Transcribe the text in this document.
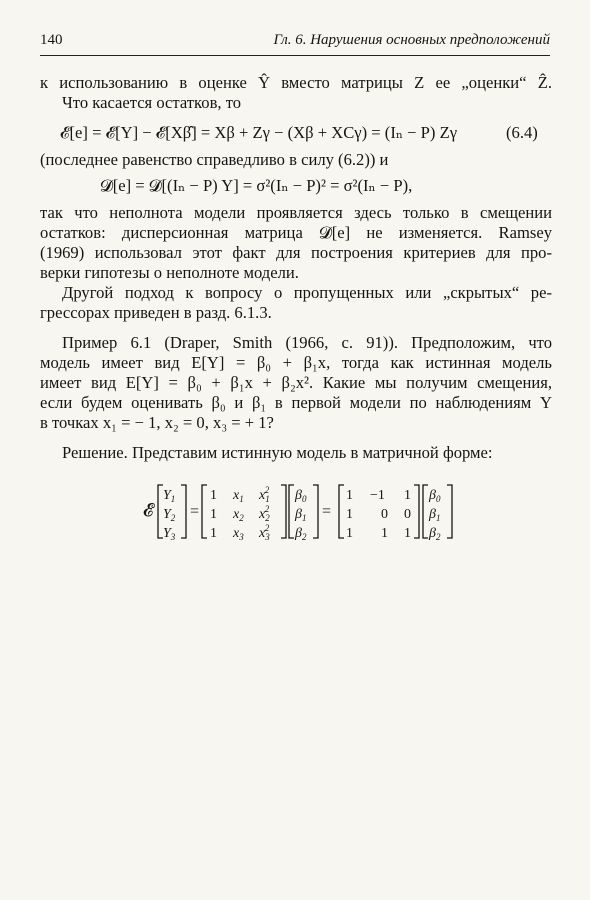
140	Гл. 6. Нарушения основных предположений
к использованию в оценке Ŷ вместо матрицы Z ее „оценки“ Ẑ.
Что касается остатков, то
𝓔[e] = 𝓔[Y] − 𝓔[Xβ̂] = Xβ + Zγ − (Xβ + XCγ) = (Iₙ − P) Zγ	(6.4)
(последнее равенство справедливо в силу (6.2)) и
𝓓[e] = 𝓓[(Iₙ − P) Y] = σ²(Iₙ − P)² = σ²(Iₙ − P),
так что неполнота модели проявляется здесь только в смещении
остатков: дисперсионная матрица 𝓓[e] не изменяется. Ramsey
(1969) использовал этот факт для построения критериев для про-
верки гипотезы о неполноте модели.
Другой подход к вопросу о пропущенных или „скрытых“ ре-
грессорах приведен в разд. 6.1.3.
Пример 6.1 (Draper, Smith (1966, с. 91)). Предположим, что
модель имеет вид E[Y] = β₀ + β₁x, тогда как истинная модель
имеет вид E[Y] = β₀ + β₁x + β₂x². Какие мы получим смещения,
если будем оценивать β₀ и β₁ в первой модели по наблюдениям Y
в точках x₁ = − 1, x₂ = 0, x₃ = + 1?
Решение. Представим истинную модель в матричной форме:
𝓔
$Y_1$
$Y_2$
$Y_3$
=
1 $x_1$ $x_12$
1 $x_2$ $x_22$
1 $x_3$ $x_32$
$\beta_0$
$\beta_1$
$\beta_2$
=
1 −1 1
1 0 0
1 1 1
$\beta_0$
$\beta_1$
$\beta_2$
